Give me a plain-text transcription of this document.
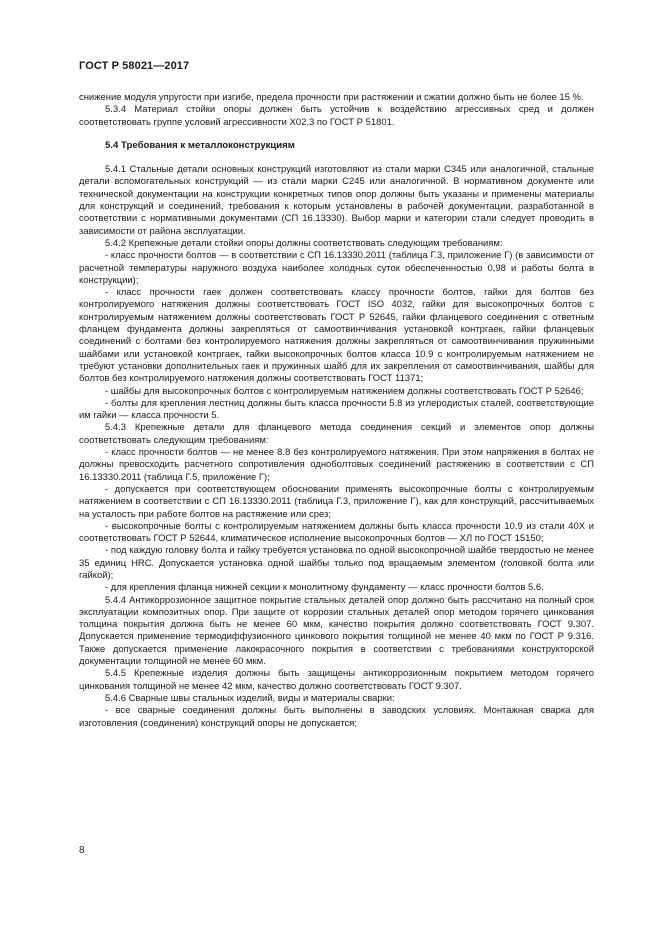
ГОСТ Р 58021—2017

снижение модуля упругости при изгибе, предела прочности при растяжении и сжатии должно быть не более 15 %.

5.3.4 Материал стойки опоры должен быть устойчив к воздействию агрессивных сред и должен соответствовать группе условий агрессивности Х02.3 по ГОСТ Р 51801.

5.4 Требования к металлоконструкциям

5.4.1 Стальные детали основных конструкций изготовляют из стали марки С345 или аналогичной, стальные детали вспомогательных конструкций — из стали марки С245 или аналогичной. В нормативном документе или технической документации на конструкции конкретных типов опор должны быть указаны и применены материалы для конструкций и соединений, требования к которым установлены в рабочей документации, разработанной в соответствии с нормативными документами (СП 16.13330). Выбор марки и категории стали следует проводить в зависимости от района эксплуатации.

5.4.2 Крепежные детали стойки опоры должны соответствовать следующим требованиям:

- класс прочности болтов — в соответствии с СП 16.13330.2011 (таблица Г.3, приложение Г) (в зависимости от расчетной температуры наружного воздуха наиболее холодных суток обеспеченностью 0,98 и работы болта в конструкции);

- класс прочности гаек должен соответствовать классу прочности болтов, гайки для болтов без контролируемого натяжения должны соответствовать ГОСТ ISO 4032, гайки для высокопрочных болтов с контролируемым натяжением должны соответствовать ГОСТ Р 52645, гайки фланцевого соединения с ответным фланцем фундамента должны закрепляться от самоотвинчивания установкой контргаек, гайки фланцевых соединений с болтами без контролируемого натяжения должны закрепляться от самоотвинчивания пружинными шайбами или установкой контргаек, гайки высокопрочных болтов класса 10.9 с контролируемым натяжением не требуют установки дополнительных гаек и пружинных шайб для их закрепления от самоотвинчивания, шайбы для болтов без контролируемого натяжения должны соответствовать ГОСТ 11371;

- шайбы для высокопрочных болтов с контролируемым натяжением должны соответствовать ГОСТ Р 52646;

- болты для крепления лестниц должны быть класса прочности 5.8 из углеродистых сталей, соответствующие им гайки — класса прочности 5.

5.4.3 Крепежные детали для фланцевого метода соединения секций и элементов опор должны соответствовать следующим требованиям:

- класс прочности болтов — не менее 8.8 без контролируемого натяжения. При этом напряжения в болтах не должны превосходить расчетного сопротивления одноболтовых соединений растяжению в соответствии с СП 16.13330.2011 (таблица Г.5, приложение Г);

- допускается при соответствующем обосновании применять высокопрочные болты с контролируемым натяжением в соответствии с СП 16.13330.2011 (таблица Г.3, приложение Г), как для конструкций, рассчитываемых на усталость при работе болтов на растяжение или срез;

- высокопрочные болты с контролируемым натяжением должны быть класса прочности 10.9 из стали 40Х и соответствовать ГОСТ Р 52644, климатическое исполнение высокопрочных болтов — ХЛ по ГОСТ 15150;

- под каждую головку болта и гайку требуется установка по одной высокопрочной шайбе твердостью не менее 35 единиц HRC. Допускается установка одной шайбы только под вращаемым элементом (головкой болта или гайкой);

- для крепления фланца нижней секции к монолитному фундаменту — класс прочности болтов 5.6.

5.4.4 Антикоррозионное защитное покрытие стальных деталей опор должно быть рассчитано на полный срок эксплуатации композитных опор. При защите от коррозии стальных деталей опор методом горячего цинкования толщина покрытия должна быть не менее 60 мкм, качество покрытия должно соответствовать ГОСТ 9.307. Допускается применение термодиффузионного цинкового покрытия толщиной не менее 40 мкм по ГОСТ Р 9.316. Также допускается применение лакокрасочного покрытия в соответствии с требованиями конструкторской документации толщиной не менее 60 мкм.

5.4.5 Крепежные изделия должны быть защищены антикоррозионным покрытием методом горячего цинкования толщиной не менее 42 мкм, качество должно соответствовать ГОСТ 9.307.

5.4.6 Сварные швы стальных изделий, виды и материалы сварки:

- все сварные соединения должны быть выполнены в заводских условиях. Монтажная сварка для изготовления (соединения) конструкций опоры не допускается;

8
